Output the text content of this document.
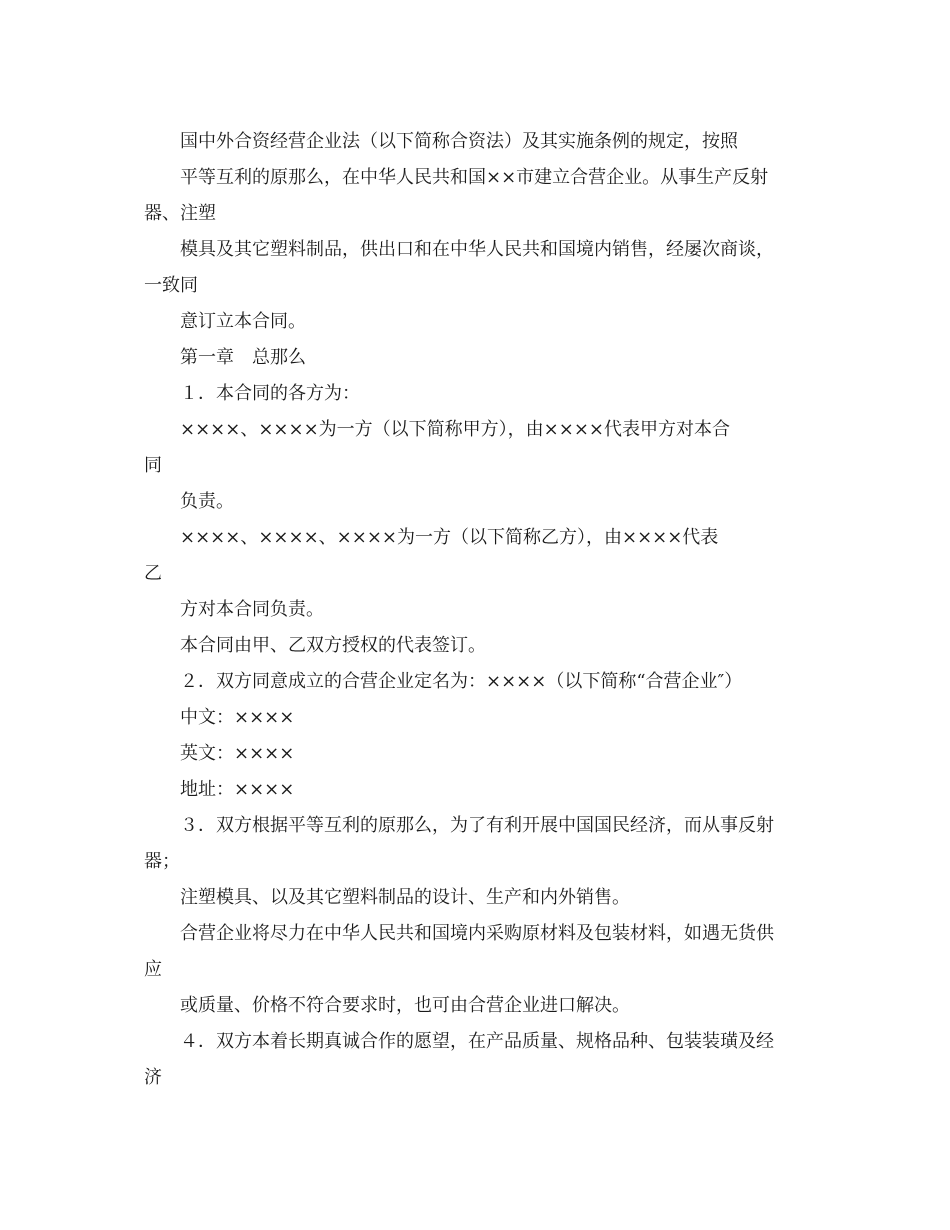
国中外合资经营企业法（以下简称合资法）及其实施条例的规定，按照
平等互利的原那么，在中华人民共和国××市建立合营企业。从事生产反射
器、注塑
模具及其它塑料制品，供出口和在中华人民共和国境内销售，经屡次商谈，
一致同
意订立本合同。
第一章　总那么
１．本合同的各方为：
××××、××××为一方（以下简称甲方），由××××代表甲方对本合
同
负责。
××××、××××、××××为一方（以下简称乙方），由××××代表
乙
方对本合同负责。
本合同由甲、乙双方授权的代表签订。
２．双方同意成立的合营企业定名为：××××（以下简称“合营企业″）
中文：××××
英文：××××
地址：××××
３．双方根据平等互利的原那么，为了有利开展中国国民经济，而从事反射
器；
注塑模具、以及其它塑料制品的设计、生产和内外销售。
合营企业将尽力在中华人民共和国境内采购原材料及包装材料，如遇无货供
应
或质量、价格不符合要求时，也可由合营企业进口解决。
４．双方本着长期真诚合作的愿望，在产品质量、规格品种、包装装璜及经
济
